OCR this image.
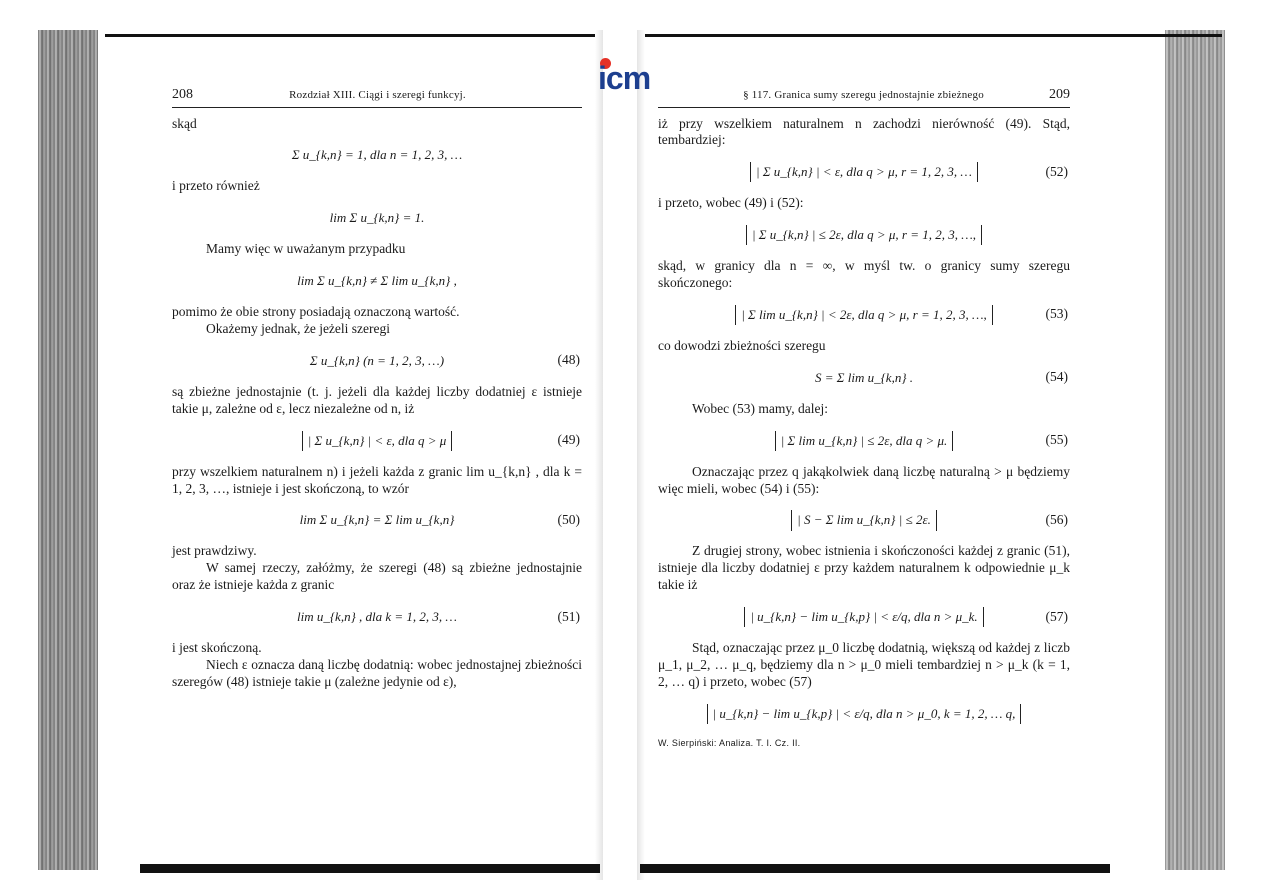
icm
208	Rozdział XIII. Ciągi i szeregi funkcyj.

skąd

Σ u_{k,n} = 1, dla n = 1, 2, 3, …

i przeto również

lim Σ u_{k,n} = 1.

Mamy więc w uważanym przypadku

lim Σ u_{k,n} ≠ Σ lim u_{k,n} ,

pomimo że obie strony posiadają oznaczoną wartość.

Okażemy jednak, że jeżeli szeregi

Σ u_{k,n} (n = 1, 2, 3, …)	(48)

są zbieżne jednostajnie (t. j. jeżeli dla każdej liczby dodatniej ε istnieje takie μ, zależne od ε, lecz niezależne od n, iż

| Σ u_{k,n} | < ε, dla q > μ	(49)

przy wszelkiem naturalnem n) i jeżeli każda z granic lim u_{k,n} , dla k = 1, 2, 3, …, istnieje i jest skończoną, to wzór

lim Σ u_{k,n} = Σ lim u_{k,n}	(50)

jest prawdziwy.

W samej rzeczy, załóżmy, że szeregi (48) są zbieżne jednostajnie oraz że istnieje każda z granic

lim u_{k,n} , dla k = 1, 2, 3, …	(51)

i jest skończoną.

Niech ε oznacza daną liczbę dodatnią: wobec jednostajnej zbieżności szeregów (48) istnieje takie μ (zależne jedynie od ε),

§ 117. Granica sumy szeregu jednostajnie zbieżnego	209

iż przy wszelkiem naturalnem n zachodzi nierówność (49). Stąd, tembardziej:

| Σ u_{k,n} | < ε, dla q > μ, r = 1, 2, 3, …	(52)

i przeto, wobec (49) i (52):

| Σ u_{k,n} | ≤ 2ε, dla q > μ, r = 1, 2, 3, …,

skąd, w granicy dla n = ∞, w myśl tw. o granicy sumy szeregu skończonego:

| Σ lim u_{k,n} | < 2ε, dla q > μ, r = 1, 2, 3, …,	(53)

co dowodzi zbieżności szeregu

S = Σ lim u_{k,n} .	(54)

Wobec (53) mamy, dalej:

| Σ lim u_{k,n} | ≤ 2ε, dla q > μ.	(55)

Oznaczając przez q jakąkolwiek daną liczbę naturalną > μ będziemy więc mieli, wobec (54) i (55):

| S − Σ lim u_{k,n} | ≤ 2ε.	(56)

Z drugiej strony, wobec istnienia i skończoności każdej z granic (51), istnieje dla liczby dodatniej ε przy każdem naturalnem k odpowiednie μ_k takie iż

| u_{k,n} − lim u_{k,p} | < ε/q, dla n > μ_k.	(57)

Stąd, oznaczając przez μ_0 liczbę dodatnią, większą od każdej z liczb μ_1, μ_2, … μ_q, będziemy dla n > μ_0 mieli tembardziej n > μ_k (k = 1, 2, … q) i przeto, wobec (57)

| u_{k,n} − lim u_{k,p} | < ε/q, dla n > μ_0, k = 1, 2, … q,
W. Sierpiński: Analiza. T. I. Cz. II.
